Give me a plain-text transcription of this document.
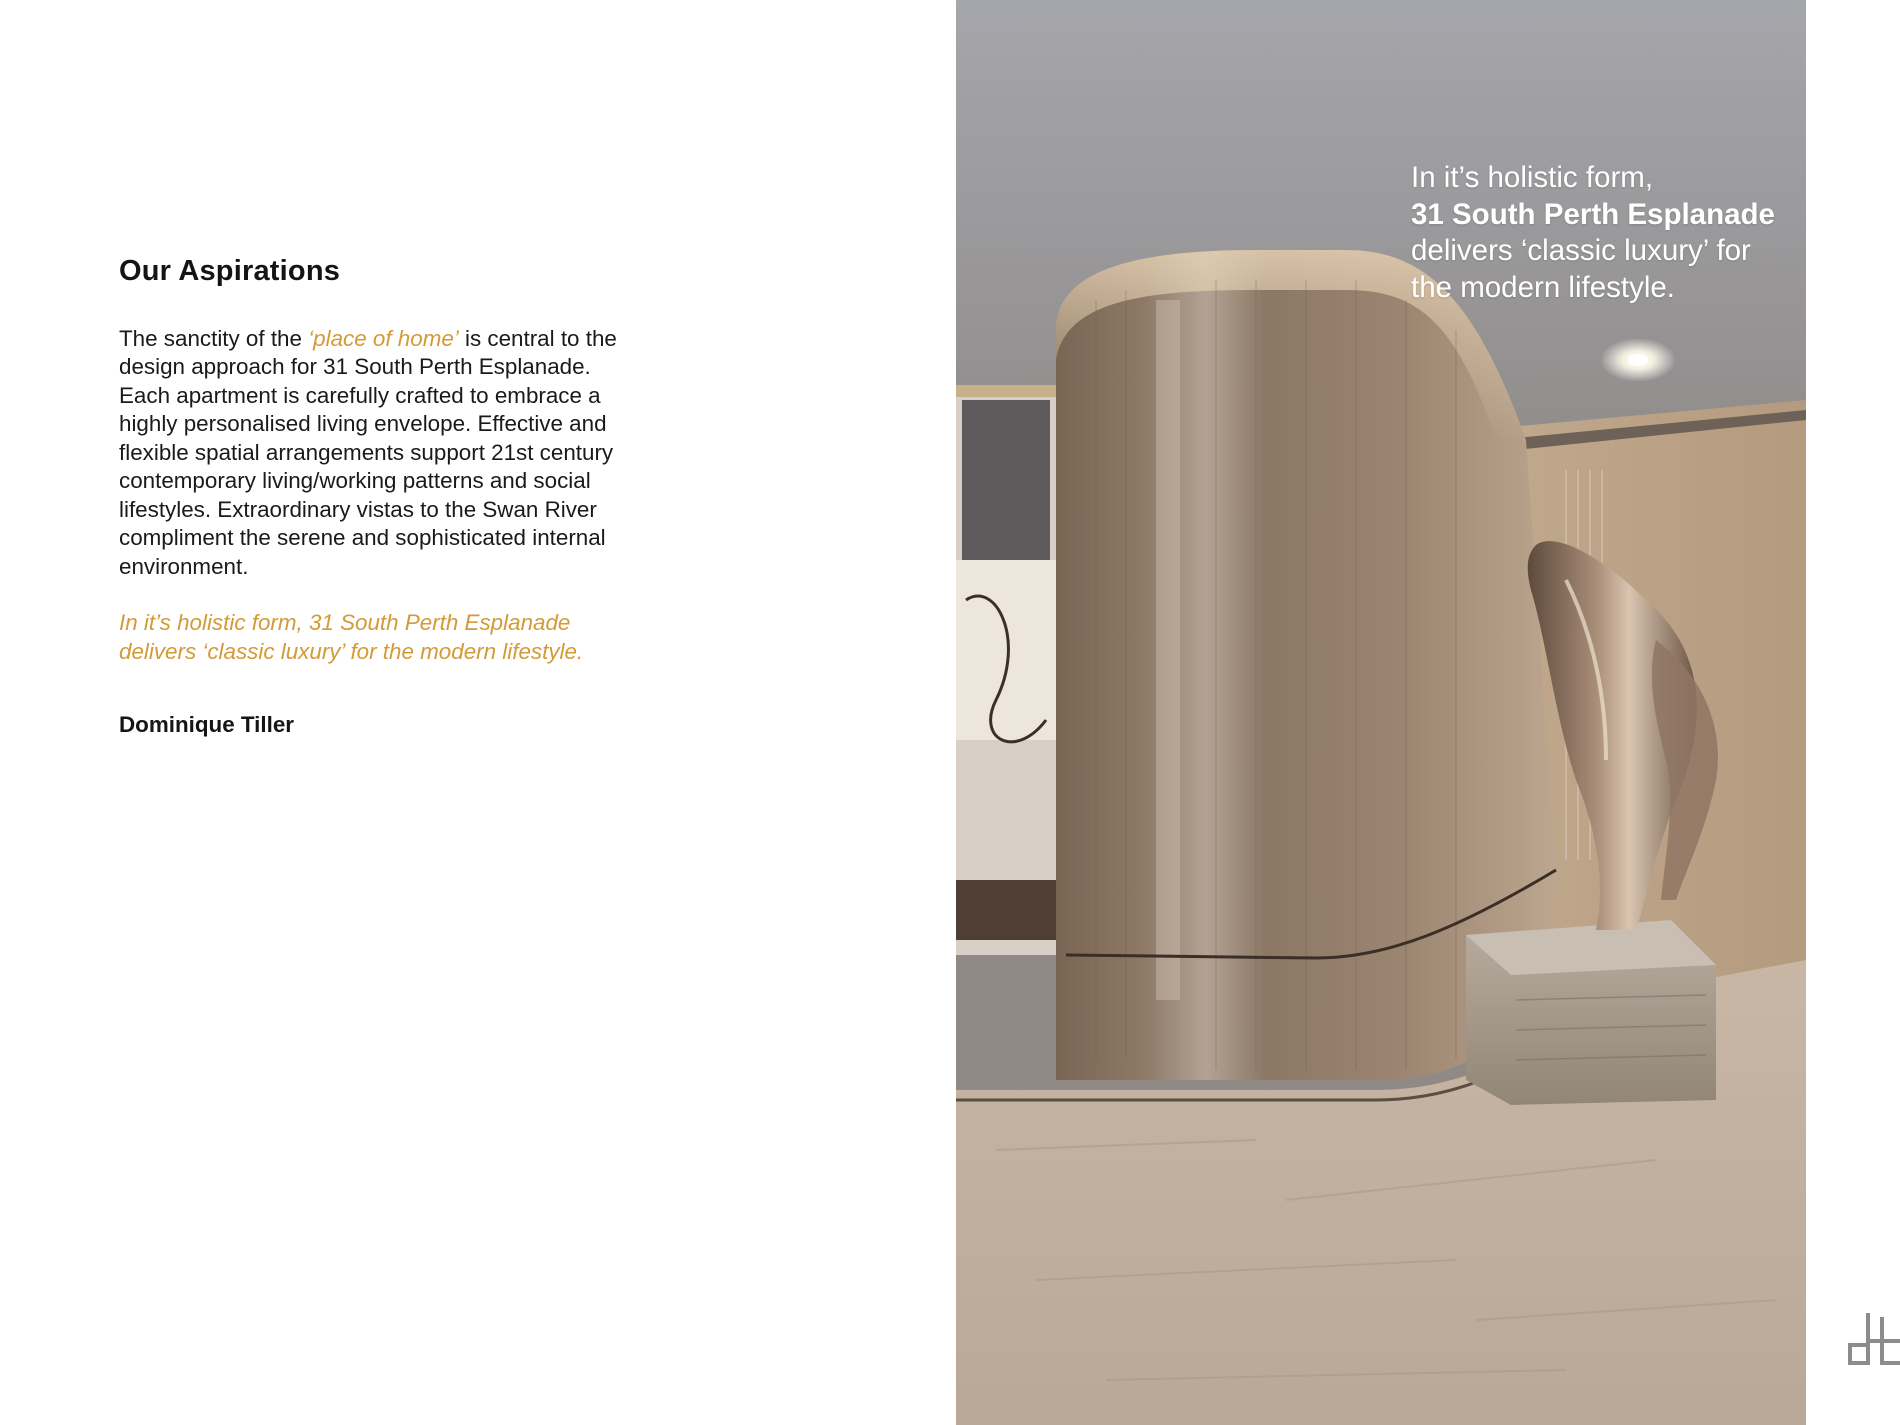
Our Aspirations

The sanctity of the ‘place of home’ is central to the design approach for 31 South Perth Esplanade. Each apartment is carefully crafted to embrace a highly personalised living envelope. Effective and flexible spatial arrangements support 21st century contemporary living/working patterns and social lifestyles. Extraordinary vistas to the Swan River compliment the serene and sophisticated internal environment.

In it’s holistic form, 31 South Perth Esplanade delivers ‘classic luxury’ for the modern lifestyle.

Dominique Tiller

In it’s holistic form,
31 South Perth Esplanade
delivers ‘classic luxury’ for
the modern lifestyle.
